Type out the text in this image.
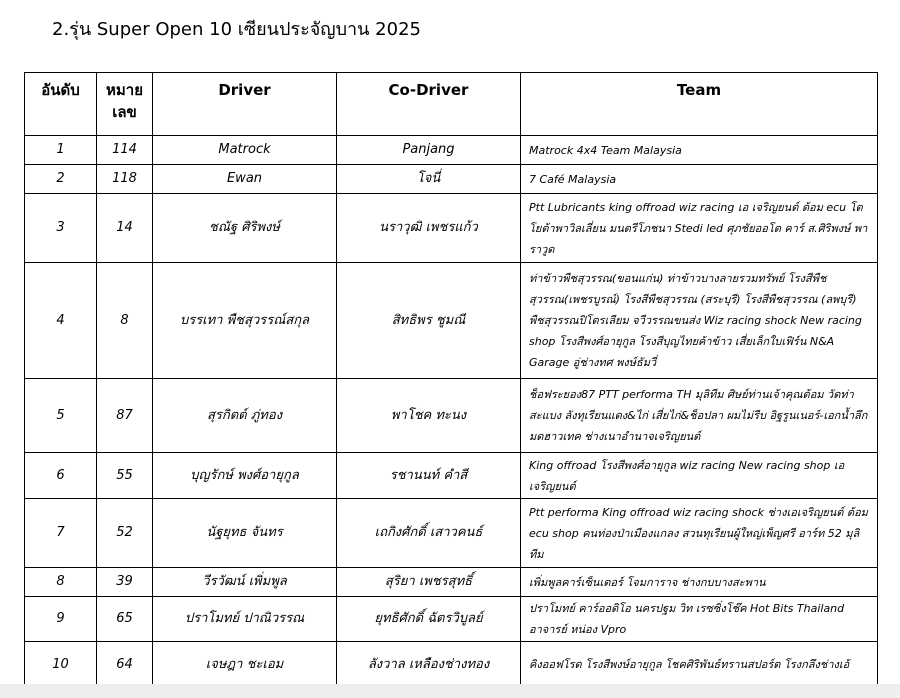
2.รุ่น Super Open 10 เซียนประจัญบาน 2025
อันดับ	หมาย เลข	Driver	Co-Driver	Team
1	114	Matrock	Panjang	Matrock 4x4 Team Malaysia
2	118	Ewan	โจนี่	7 Café Malaysia
3	14	ชณัฐ ศิริพงษ์	นราวุฒิ เพชรแก้ว	Ptt Lubricants king offroad wiz racing เอ เจริญยนต์ ต้อม ecu โตโยต้าพาวิลเลี่ยน มนตรีโภชนา Stedi led ศุภชัยออโต คาร์ ส.ศิริพงษ์ พาราวูด
4	8	บรรเทา พืชสุวรรณ์สกุล	สิทธิพร ชูมณี	ท่าข้าวพืชสุวรรณ(ขอนแก่น) ท่าข้าวบางลายรวมทรัพย์ โรงสีพืชสุวรรณ(เพชรบูรณ์) โรงสีพืชสุวรรณ (สระบุรี) โรงสีพืชสุวรรณ (ลพบุรี) พืชสุวรรณปิโตรเลียม จวีวรรณขนส่ง Wiz racing shock New racing shop โรงสีพงศ์อายุกูล โรงสีบุญไทยค้าข้าว เสี่ยเล็กใบเฟิร์น N&A Garage อู่ช่างทศ พงษ์ธัมวี่
5	87	สุรกิตต์ ภู่ทอง	พาโชค ทะนง	ช็อฟระยอง87 PTT performa TH มุลิทีม ศิษย์ท่านเจ้าคุณต้อม วัดท่าสะแบง ลังทุเรียนแดง&ไก่ เสี่ยไก่&ช็อปลา ผมไม่รีบ อิฐรูนเนอร์-เอกน้ำลึก มดฮาวเทค ช่างเนาอำนาจเจริญยนต์
6	55	บุญรักษ์ พงศ์อายุกูล	รชานนท์ คำสี	King offroad โรงสีพงศ์อายุกูล wiz racing New racing shop เอ เจริญยนต์
7	52	นัฐยุทธ จันทร	เถกิงศักดิ์ เสาวคนธ์	Ptt performa King offroad wiz racing shock ช่างเอเจริญยนต์ ต้อม ecu shop คนท่องป่าเมืองแกลง สวนทุเรียนผู้ใหญ่เพ็ญศรี อาร์ท 52 มุลิทีม
8	39	วีรวัฒน์ เพิ่มพูล	สุริยา เพชรสุทธิ์	เพิ่มพูลคาร์เซ็นเตอร์ โจมการาจ ช่างกบบางสะพาน
9	65	ปราโมทย์ ปาณิวรรณ	ยุทธิศักดิ์ ฉัตรวิบูลย์	ปราโมทย์ คาร์ออดิโอ นครปฐม วิท เรซซิ่งโช๊ค Hot Bits Thailand อาจารย์ หน่อง Vpro
10	64	เจษฎา ชะเอม	ลังวาล เหลืองช่างทอง	คิงออฟโรด โรงสีพงษ์อายุกูล โชคศิริพันธ์ทรานสปอร์ต โรงกลึงช่างเอ้
